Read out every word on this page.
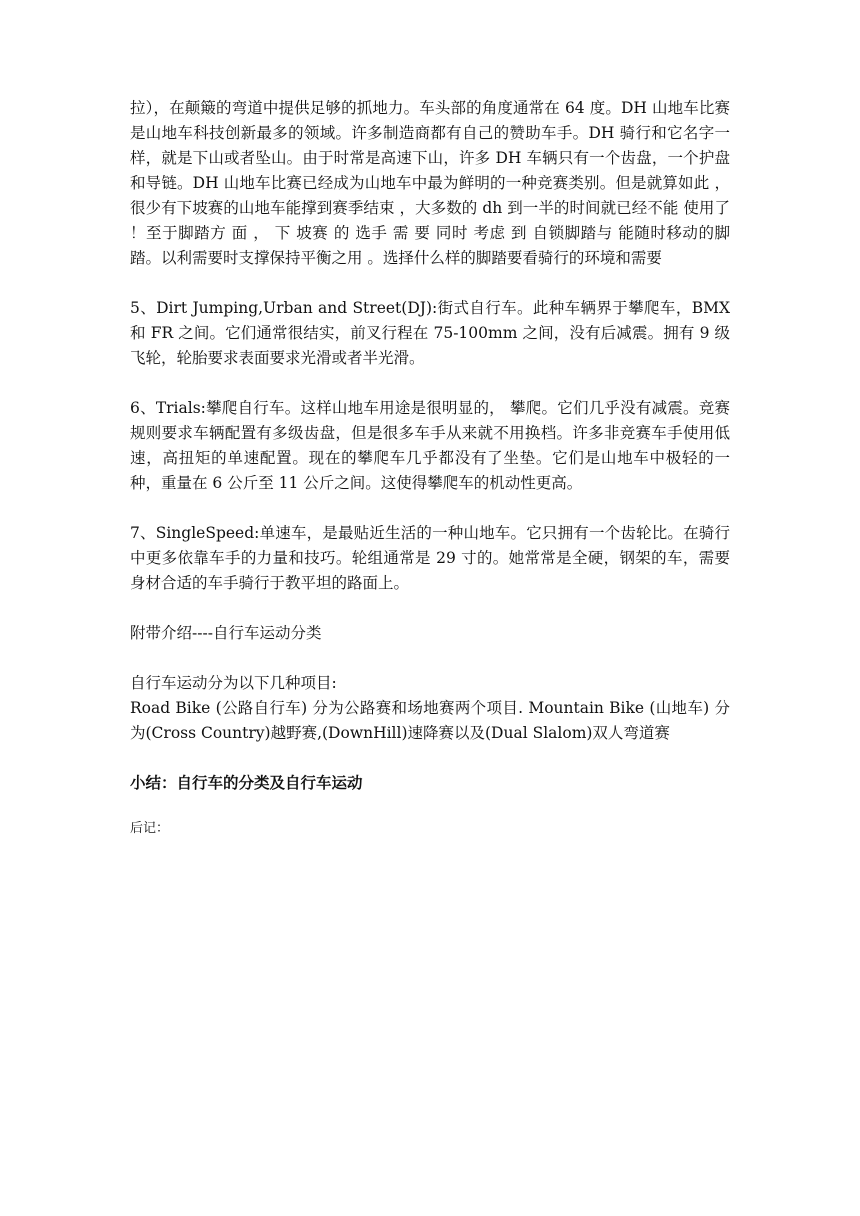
拉），在颠簸的弯道中提供足够的抓地力。车头部的角度通常在 64 度。DH 山地车比赛是山地车科技创新最多的领域。许多制造商都有自己的赞助车手。DH 骑行和它名字一样，就是下山或者坠山。由于时常是高速下山，许多 DH 车辆只有一个齿盘，一个护盘和导链。DH 山地车比赛已经成为山地车中最为鲜明的一种竞赛类别。但是就算如此 ，很少有下坡赛的山地车能撑到赛季结束 ，大多数的 dh 到一半的时间就已经不能 使用了 ！至于脚踏方 面 ， 下 坡赛 的 选手 需 要 同时 考虑 到 自锁脚踏与 能随时移动的脚踏。以利需要时支撑保持平衡之用 。选择什么样的脚踏要看骑行的环境和需要

5、Dirt Jumping,Urban and Street(DJ):街式自行车。此种车辆界于攀爬车，BMX 和 FR 之间。它们通常很结实，前叉行程在 75-100mm 之间，没有后减震。拥有 9 级飞轮，轮胎要求表面要求光滑或者半光滑。

6、Trials:攀爬自行车。这样山地车用途是很明显的， 攀爬。它们几乎没有减震。竞赛规则要求车辆配置有多级齿盘，但是很多车手从来就不用换档。许多非竞赛车手使用低速，高扭矩的单速配置。现在的攀爬车几乎都没有了坐垫。它们是山地车中极轻的一种，重量在 6 公斤至 11 公斤之间。这使得攀爬车的机动性更高。

7、SingleSpeed:单速车，是最贴近生活的一种山地车。它只拥有一个齿轮比。在骑行中更多依靠车手的力量和技巧。轮组通常是 29 寸的。她常常是全硬，钢架的车，需要身材合适的车手骑行于教平坦的路面上。

附带介绍----自行车运动分类

自行车运动分为以下几种项目:

Road Bike (公路自行车) 分为公路赛和场地赛两个项目. Mountain Bike (山地车) 分为(Cross Country)越野赛,(DownHill)速降赛以及(Dual Slalom)双人弯道赛

小结：自行车的分类及自行车运动

后记：
